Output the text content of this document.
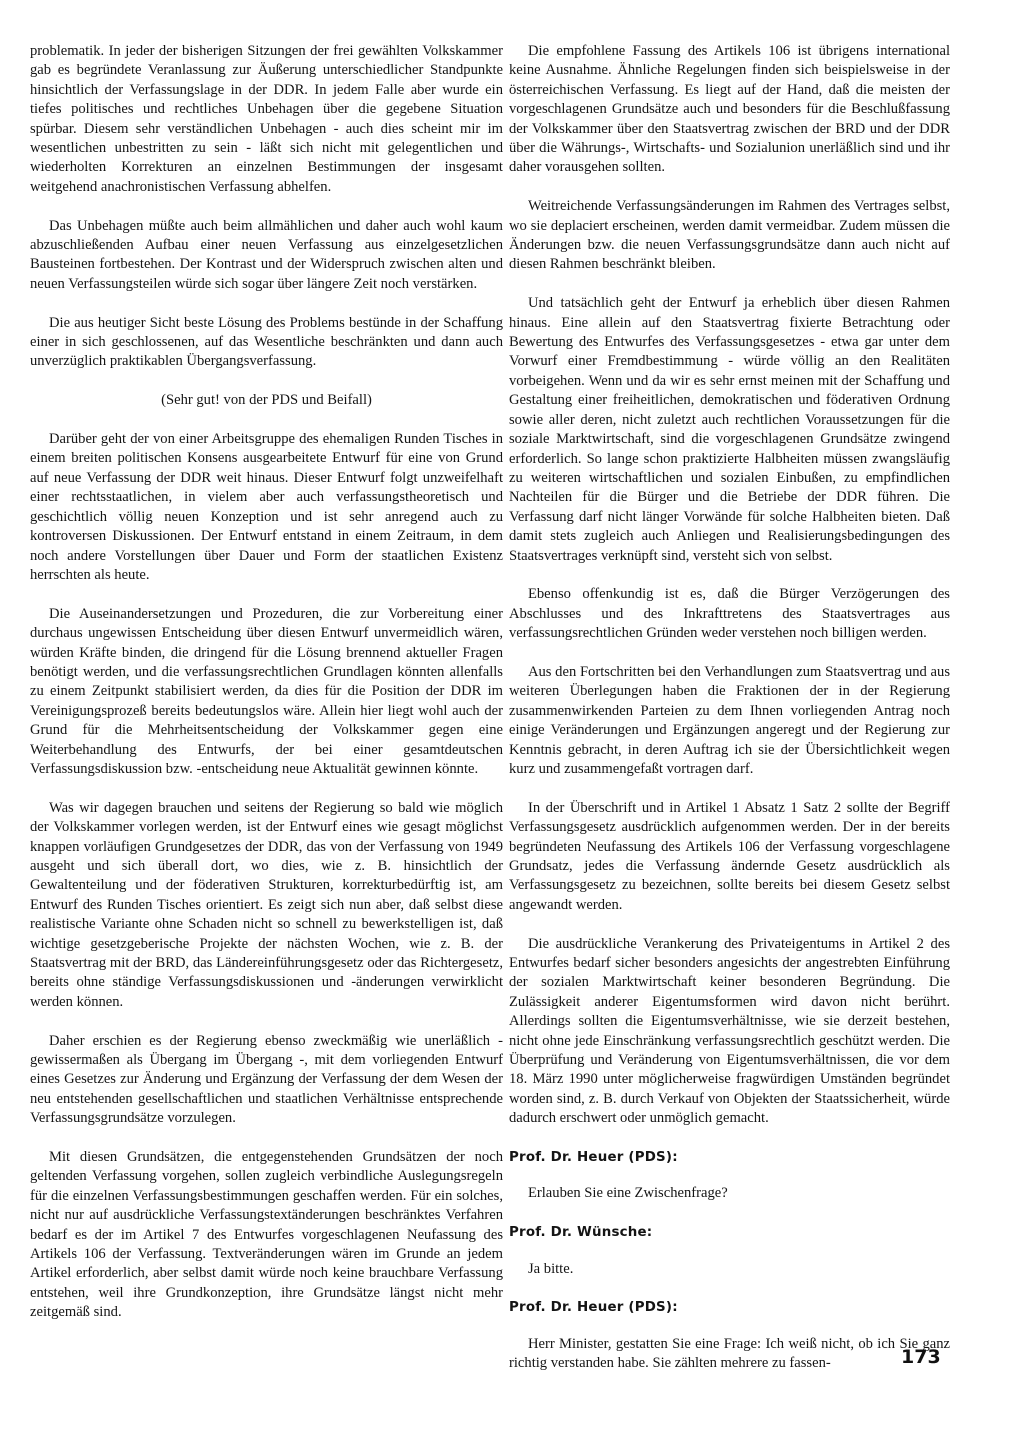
problematik. In jeder der bisherigen Sitzungen der frei gewählten Volkskammer gab es begründete Veranlassung zur Äußerung unterschiedlicher Standpunkte hinsichtlich der Verfassungslage in der DDR. In jedem Falle aber wurde ein tiefes politisches und rechtliches Unbehagen über die gegebene Situation spürbar. Diesem sehr verständlichen Unbehagen - auch dies scheint mir im wesentlichen unbestritten zu sein - läßt sich nicht mit gelegentlichen und wiederholten Korrekturen an einzelnen Bestimmungen der insgesamt weitgehend anachronistischen Verfassung abhelfen.

Das Unbehagen müßte auch beim allmählichen und daher auch wohl kaum abzuschließenden Aufbau einer neuen Verfassung aus einzelgesetzlichen Bausteinen fortbestehen. Der Kontrast und der Widerspruch zwischen alten und neuen Verfassungsteilen würde sich sogar über längere Zeit noch verstärken.

Die aus heutiger Sicht beste Lösung des Problems bestünde in der Schaffung einer in sich geschlossenen, auf das Wesentliche beschränkten und dann auch unverzüglich praktikablen Übergangsverfassung.

(Sehr gut! von der PDS und Beifall)

Darüber geht der von einer Arbeitsgruppe des ehemaligen Runden Tisches in einem breiten politischen Konsens ausgearbeitete Entwurf für eine von Grund auf neue Verfassung der DDR weit hinaus. Dieser Entwurf folgt unzweifelhaft einer rechtsstaatlichen, in vielem aber auch verfassungstheoretisch und geschichtlich völlig neuen Konzeption und ist sehr anregend auch zu kontroversen Diskussionen. Der Entwurf entstand in einem Zeitraum, in dem noch andere Vorstellungen über Dauer und Form der staatlichen Existenz herrschten als heute.

Die Auseinandersetzungen und Prozeduren, die zur Vorbereitung einer durchaus ungewissen Entscheidung über diesen Entwurf unvermeidlich wären, würden Kräfte binden, die dringend für die Lösung brennend aktueller Fragen benötigt werden, und die verfassungsrechtlichen Grundlagen könnten allenfalls zu einem Zeitpunkt stabilisiert werden, da dies für die Position der DDR im Vereinigungsprozeß bereits bedeutungslos wäre. Allein hier liegt wohl auch der Grund für die Mehrheitsentscheidung der Volkskammer gegen eine Weiterbehandlung des Entwurfs, der bei einer gesamtdeutschen Verfassungsdiskussion bzw. -entscheidung neue Aktualität gewinnen könnte.

Was wir dagegen brauchen und seitens der Regierung so bald wie möglich der Volkskammer vorlegen werden, ist der Entwurf eines wie gesagt möglichst knappen vorläufigen Grundgesetzes der DDR, das von der Verfassung von 1949 ausgeht und sich überall dort, wo dies, wie z. B. hinsichtlich der Gewaltenteilung und der föderativen Strukturen, korrekturbedürftig ist, am Entwurf des Runden Tisches orientiert. Es zeigt sich nun aber, daß selbst diese realistische Variante ohne Schaden nicht so schnell zu bewerkstelligen ist, daß wichtige gesetzgeberische Projekte der nächsten Wochen, wie z. B. der Staatsvertrag mit der BRD, das Ländereinführungsgesetz oder das Richtergesetz, bereits ohne ständige Verfassungsdiskussionen und -änderungen verwirklicht werden können.

Daher erschien es der Regierung ebenso zweckmäßig wie unerläßlich - gewissermaßen als Übergang im Übergang -, mit dem vorliegenden Entwurf eines Gesetzes zur Änderung und Ergänzung der Verfassung der dem Wesen der neu entstehenden gesellschaftlichen und staatlichen Verhältnisse entsprechende Verfassungsgrundsätze vorzulegen.

Mit diesen Grundsätzen, die entgegenstehenden Grundsätzen der noch geltenden Verfassung vorgehen, sollen zugleich verbindliche Auslegungsregeln für die einzelnen Verfassungsbestimmungen geschaffen werden. Für ein solches, nicht nur auf ausdrückliche Verfassungstextänderungen beschränktes Verfahren bedarf es der im Artikel 7 des Entwurfes vorgeschlagenen Neufassung des Artikels 106 der Verfassung. Textveränderungen wären im Grunde an jedem Artikel erforderlich, aber selbst damit würde noch keine brauchbare Verfassung entstehen, weil ihre Grundkonzeption, ihre Grundsätze längst nicht mehr zeitgemäß sind.

Die empfohlene Fassung des Artikels 106 ist übrigens international keine Ausnahme. Ähnliche Regelungen finden sich beispielsweise in der österreichischen Verfassung. Es liegt auf der Hand, daß die meisten der vorgeschlagenen Grundsätze auch und besonders für die Beschlußfassung der Volkskammer über den Staatsvertrag zwischen der BRD und der DDR über die Währungs-, Wirtschafts- und Sozialunion unerläßlich sind und ihr daher vorausgehen sollten.

Weitreichende Verfassungsänderungen im Rahmen des Vertrages selbst, wo sie deplaciert erscheinen, werden damit vermeidbar. Zudem müssen die Änderungen bzw. die neuen Verfassungsgrundsätze dann auch nicht auf diesen Rahmen beschränkt bleiben.

Und tatsächlich geht der Entwurf ja erheblich über diesen Rahmen hinaus. Eine allein auf den Staatsvertrag fixierte Betrachtung oder Bewertung des Entwurfes des Verfassungsgesetzes - etwa gar unter dem Vorwurf einer Fremdbestimmung - würde völlig an den Realitäten vorbeigehen. Wenn und da wir es sehr ernst meinen mit der Schaffung und Gestaltung einer freiheitlichen, demokratischen und föderativen Ordnung sowie aller deren, nicht zuletzt auch rechtlichen Voraussetzungen für die soziale Marktwirtschaft, sind die vorgeschlagenen Grundsätze zwingend erforderlich. So lange schon praktizierte Halbheiten müssen zwangsläufig zu weiteren wirtschaftlichen und sozialen Einbußen, zu empfindlichen Nachteilen für die Bürger und die Betriebe der DDR führen. Die Verfassung darf nicht länger Vorwände für solche Halbheiten bieten. Daß damit stets zugleich auch Anliegen und Realisierungsbedingungen des Staatsvertrages verknüpft sind, versteht sich von selbst.

Ebenso offenkundig ist es, daß die Bürger Verzögerungen des Abschlusses und des Inkrafttretens des Staatsvertrages aus verfassungsrechtlichen Gründen weder verstehen noch billigen werden.

Aus den Fortschritten bei den Verhandlungen zum Staatsvertrag und aus weiteren Überlegungen haben die Fraktionen der in der Regierung zusammenwirkenden Parteien zu dem Ihnen vorliegenden Antrag noch einige Veränderungen und Ergänzungen angeregt und der Regierung zur Kenntnis gebracht, in deren Auftrag ich sie der Übersichtlichkeit wegen kurz und zusammengefaßt vortragen darf.

In der Überschrift und in Artikel 1 Absatz 1 Satz 2 sollte der Begriff Verfassungsgesetz ausdrücklich aufgenommen werden. Der in der bereits begründeten Neufassung des Artikels 106 der Verfassung vorgeschlagene Grundsatz, jedes die Verfassung ändernde Gesetz ausdrücklich als Verfassungsgesetz zu bezeichnen, sollte bereits bei diesem Gesetz selbst angewandt werden.

Die ausdrückliche Verankerung des Privateigentums in Artikel 2 des Entwurfes bedarf sicher besonders angesichts der angestrebten Einführung der sozialen Marktwirtschaft keiner besonderen Begründung. Die Zulässigkeit anderer Eigentumsformen wird davon nicht berührt. Allerdings sollten die Eigentumsverhältnisse, wie sie derzeit bestehen, nicht ohne jede Einschränkung verfassungsrechtlich geschützt werden. Die Überprüfung und Veränderung von Eigentumsverhältnissen, die vor dem 18. März 1990 unter möglicherweise fragwürdigen Umständen begründet worden sind, z. B. durch Verkauf von Objekten der Staatssicherheit, würde dadurch erschwert oder unmöglich gemacht.

Prof. Dr. Heuer (PDS):

Erlauben Sie eine Zwischenfrage?

Prof. Dr. Wünsche:

Ja bitte.

Prof. Dr. Heuer (PDS):

Herr Minister, gestatten Sie eine Frage: Ich weiß nicht, ob ich Sie ganz richtig verstanden habe. Sie zählten mehrere zu fassen-	173
